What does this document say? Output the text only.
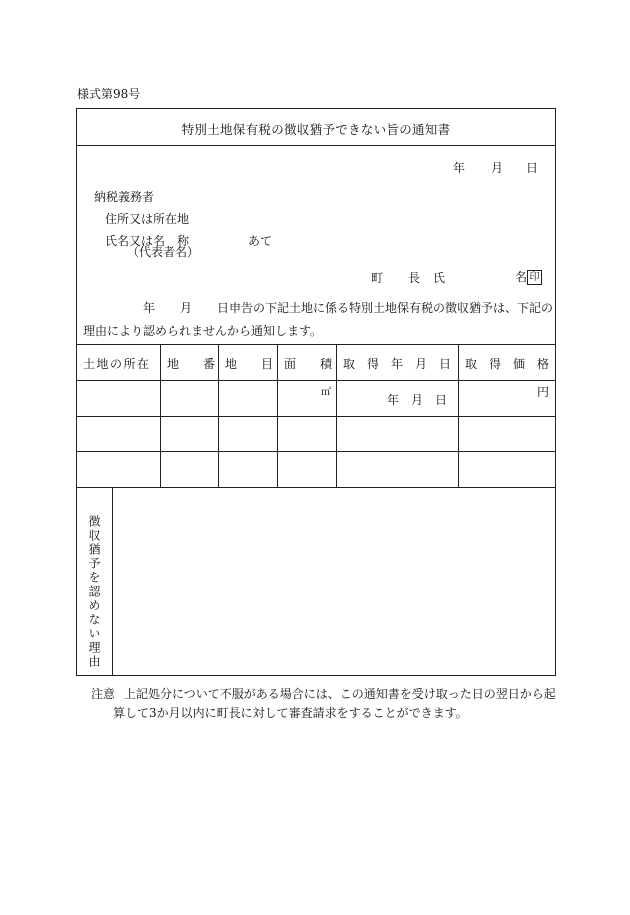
様式第98号
特別土地保有税の徴収猶予できない旨の通知書
年 月 日
納税義務者
住所又は所在地
氏名又は名　称
（代表者名）
あて
町 長 氏	名 印
年 月 日申告の下記土地に係る特別土地保有税の徴収猶予は、下記の
理由により認められませんから通知します。
土地の所在 地　　番 地　　目 面　　積 取　得　年　月　日 取　得　価　格
㎡
年　月　日
円
徴収猶予を認めない理由
注意 上記処分について不服がある場合には、この通知書を受け取った日の翌日から起
算して3か月以内に町長に対して審査請求をすることができます。
